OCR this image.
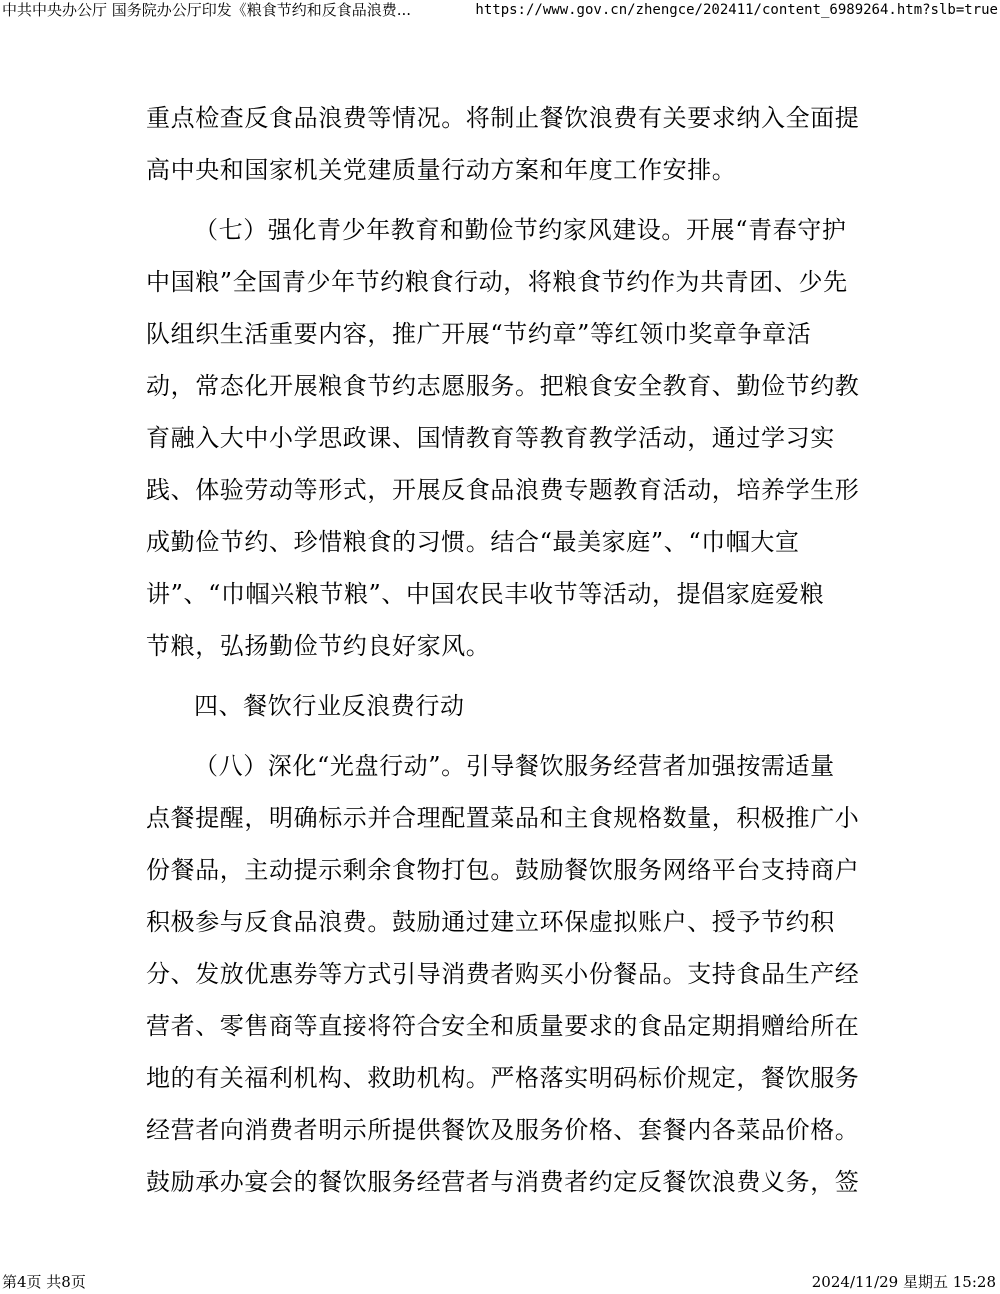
中共中央办公厅 国务院办公厅印发《粮食节约和反食品浪费...	https://www.gov.cn/zhengce/202411/content_6989264.htm?slb=true
重点检查反食品浪费等情况。将制止餐饮浪费有关要求纳入全面提
高中央和国家机关党建质量行动方案和年度工作安排。
（七）强化青少年教育和勤俭节约家风建设。开展“青春守护
中国粮”全国青少年节约粮食行动，将粮食节约作为共青团、少先
队组织生活重要内容，推广开展“节约章”等红领巾奖章争章活
动，常态化开展粮食节约志愿服务。把粮食安全教育、勤俭节约教
育融入大中小学思政课、国情教育等教育教学活动，通过学习实
践、体验劳动等形式，开展反食品浪费专题教育活动，培养学生形
成勤俭节约、珍惜粮食的习惯。结合“最美家庭”、“巾帼大宣
讲”、“巾帼兴粮节粮”、中国农民丰收节等活动，提倡家庭爱粮
节粮，弘扬勤俭节约良好家风。
四、餐饮行业反浪费行动
（八）深化“光盘行动”。引导餐饮服务经营者加强按需适量
点餐提醒，明确标示并合理配置菜品和主食规格数量，积极推广小
份餐品，主动提示剩余食物打包。鼓励餐饮服务网络平台支持商户
积极参与反食品浪费。鼓励通过建立环保虚拟账户、授予节约积
分、发放优惠券等方式引导消费者购买小份餐品。支持食品生产经
营者、零售商等直接将符合安全和质量要求的食品定期捐赠给所在
地的有关福利机构、救助机构。严格落实明码标价规定，餐饮服务
经营者向消费者明示所提供餐饮及服务价格、套餐内各菜品价格。
鼓励承办宴会的餐饮服务经营者与消费者约定反餐饮浪费义务，签
第4页 共8页	2024/11/29 星期五 15:28
